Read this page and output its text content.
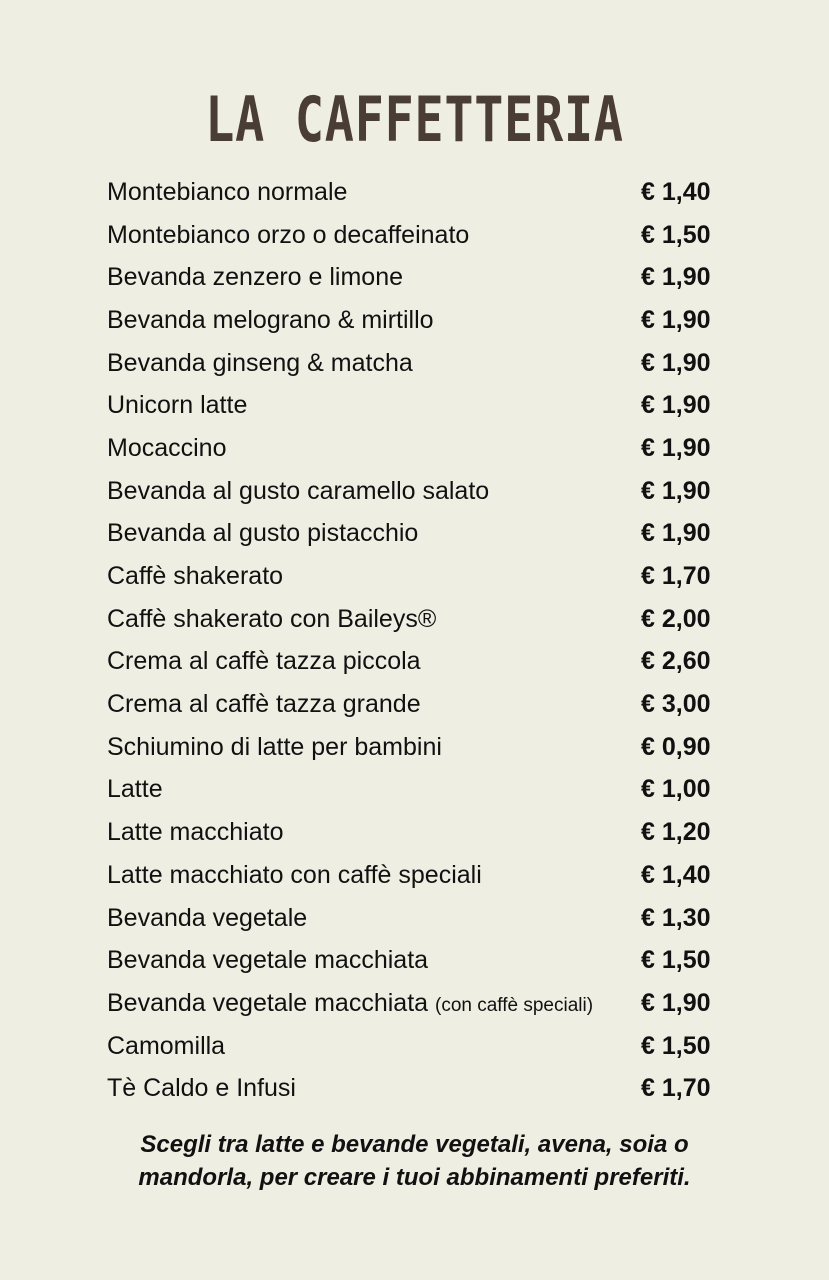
LA CAFFETTERIA
Montebianco normale	€ 1,40
Montebianco orzo o decaffeinato	€ 1,50
Bevanda zenzero e limone	€ 1,90
Bevanda melograno & mirtillo	€ 1,90
Bevanda ginseng & matcha	€ 1,90
Unicorn latte	€ 1,90
Mocaccino	€ 1,90
Bevanda al gusto caramello salato	€ 1,90
Bevanda al gusto pistacchio	€ 1,90
Caffè shakerato	€ 1,70
Caffè shakerato con Baileys®	€ 2,00
Crema al caffè tazza piccola	€ 2,60
Crema al caffè tazza grande	€ 3,00
Schiumino di latte per bambini	€ 0,90
Latte	€ 1,00
Latte macchiato	€ 1,20
Latte macchiato con caffè speciali	€ 1,40
Bevanda vegetale	€ 1,30
Bevanda vegetale macchiata	€ 1,50
Bevanda vegetale macchiata (con caffè speciali) € 1,90
Camomilla	€ 1,50
Tè Caldo e Infusi	€ 1,70
Scegli tra latte e bevande vegetali, avena, soia o
mandorla, per creare i tuoi abbinamenti preferiti.
